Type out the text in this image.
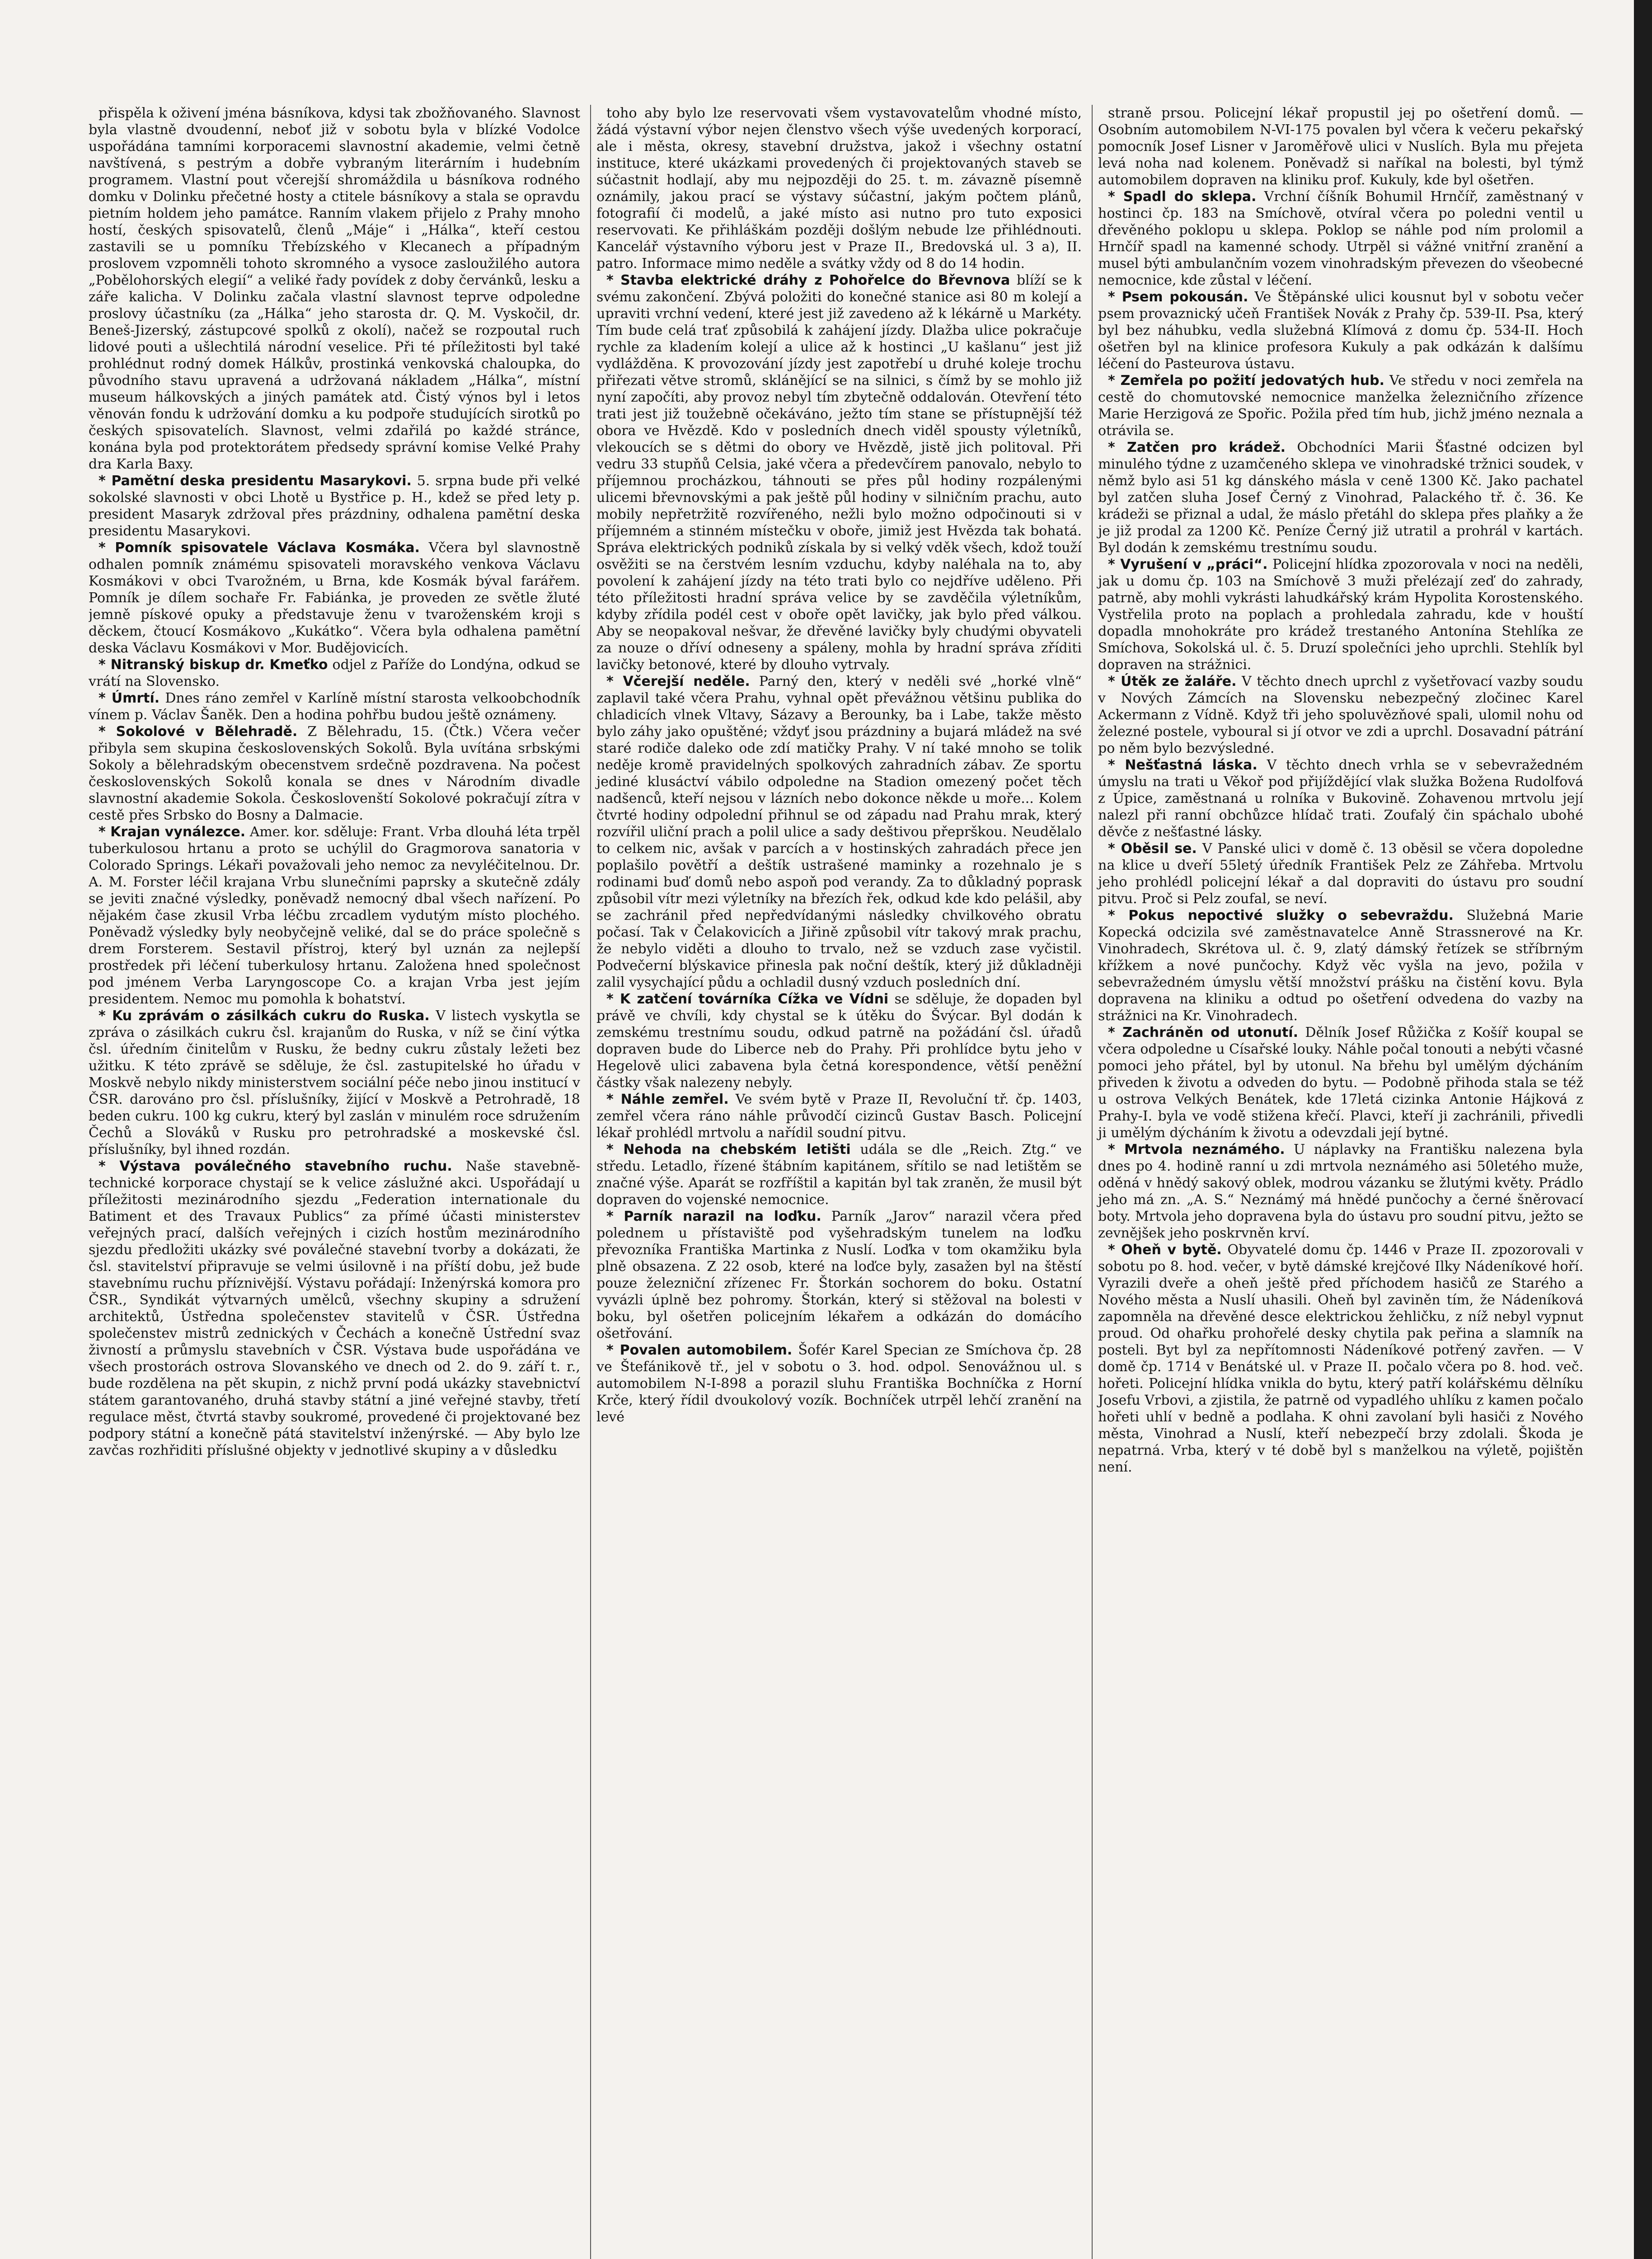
přispěla k oživení jména básníkova, kdysi tak zbožňovaného. Slavnost byla vlastně dvoudenní, neboť již v sobotu byla v blízké Vodolce uspořádána tamními korporacemi slavnostní akademie, velmi četně navštívená, s pestrým a dobře vybraným literárním i hudebním programem. Vlastní pout včerejší shromáždila u básníkova rodného domku v Dolinku přečetné hosty a ctitele básníkovy a stala se opravdu pietním holdem jeho památce. Ranním vlakem přijelo z Prahy mnoho hostí, českých spisovatelů, členů „Máje“ i „Hálka“, kteří cestou zastavili se u pomníku Třebízského v Klecanech a případným proslovem vzpomněli tohoto skromného a vysoce zasloužilého autora „Pobělohorských elegií“ a veliké řady povídek z doby červánků, lesku a záře kalicha. V Dolinku začala vlastní slavnost teprve odpoledne proslovy účastníku (za „Hálka“ jeho starosta dr. Q. M. Vyskočil, dr. Beneš-Jizerský, zástupcové spolků z okolí), načež se rozpoutal ruch lidové pouti a ušlechtilá národní veselice. Při té příležitosti byl také prohlédnut rodný domek Hálkův, prostinká venkovská chaloupka, do původního stavu upravená a udržovaná nákladem „Hálka“, místní museum hálkovských a jiných památek atd. Čistý výnos byl i letos věnován fondu k udržování domku a ku podpoře studujících sirotků po českých spisovatelích. Slavnost, velmi zdařilá po každé stránce, konána byla pod protektorátem předsedy správní komise Velké Prahy dra Karla Baxy.

* Pamětní deska presidentu Masarykovi. 5. srpna bude při velké sokolské slavnosti v obci Lhotě u Bystřice p. H., kdež se před lety p. president Masaryk zdržoval přes prázdniny, odhalena pamětní deska presidentu Masarykovi.

* Pomník spisovatele Václava Kosmáka. Včera byl slavnostně odhalen pomník známému spisovateli moravského venkova Václavu Kosmákovi v obci Tvarožném, u Brna, kde Kosmák býval farářem. Pomník je dílem sochaře Fr. Fabiánka, je proveden ze světle žluté jemně pískové opuky a představuje ženu v tvaroženském kroji s děckem, čtoucí Kosmákovo „Kukátko“. Včera byla odhalena pamětní deska Václavu Kosmákovi v Mor. Budějovicích.

* Nitranský biskup dr. Kmeťko odjel z Paříže do Londýna, odkud se vrátí na Slovensko.

* Úmrtí. Dnes ráno zemřel v Karlíně místní starosta velkoobchodník vínem p. Václav Šaněk. Den a hodina pohřbu budou ještě oznámeny.

* Sokolové v Bělehradě. Z Bělehradu, 15. (Čtk.) Včera večer přibyla sem skupina československých Sokolů. Byla uvítána srbskými Sokoly a bělehradským obecenstvem srdečně pozdravena. Na počest československých Sokolů konala se dnes v Národním divadle slavnostní akademie Sokola. Českoslovenští Sokolové pokračují zítra v cestě přes Srbsko do Bosny a Dalmacie.

* Krajan vynálezce. Amer. kor. sděluje: Frant. Vrba dlouhá léta trpěl tuberkulosou hrtanu a proto se uchýlil do Gragmorova sanatoria v Colorado Springs. Lékaři považovali jeho nemoc za nevyléčitelnou. Dr. A. M. Forster léčil krajana Vrbu slunečními paprsky a skutečně zdály se jeviti značné výsledky, poněvadž nemocný dbal všech nařízení. Po nějakém čase zkusil Vrba léčbu zrcadlem vydutým místo plochého. Poněvadž výsledky byly neobyčejně veliké, dal se do práce společně s drem Forsterem. Sestavil přístroj, který byl uznán za nejlepší prostředek při léčení tuberkulosy hrtanu. Založena hned společnost pod jménem Verba Laryngoscope Co. a krajan Vrba jest jejím presidentem. Nemoc mu pomohla k bohatství.

* Ku zprávám o zásilkách cukru do Ruska. V listech vyskytla se zpráva o zásilkách cukru čsl. krajanům do Ruska, v níž se činí výtka čsl. úředním činitelům v Rusku, že bedny cukru zůstaly ležeti bez užitku. K této zprávě se sděluje, že čsl. zastupitelské ho úřadu v Moskvě nebylo nikdy ministerstvem sociální péče nebo jinou institucí v ČSR. darováno pro čsl. příslušníky, žijící v Moskvě a Petrohradě, 18 beden cukru. 100 kg cukru, který byl zaslán v minulém roce sdružením Čechů a Slováků v Rusku pro petrohradské a moskevské čsl. příslušníky, byl ihned rozdán.

* Výstava poválečného stavebního ruchu. Naše stavebně-technické korporace chystají se k velice záslužné akci. Uspořádají u příležitosti mezinárodního sjezdu „Federation internationale du Batiment et des Travaux Publics“ za přímé účasti ministerstev veřejných prací, dalších veřejných i cizích hostům mezinárodního sjezdu předložiti ukázky své poválečné stavební tvorby a dokázati, že čsl. stavitelství připravuje se velmi úsilovně i na příští dobu, jež bude stavebnímu ruchu příznivější. Výstavu pořádají: Inženýrská komora pro ČSR., Syndikát výtvarných umělců, všechny skupiny a sdružení architektů, Ústředna společenstev stavitelů v ČSR. Ústředna společenstev mistrů zednických v Čechách a konečně Ústřední svaz živností a průmyslu stavebních v ČSR. Výstava bude uspořádána ve všech prostorách ostrova Slovanského ve dnech od 2. do 9. září t. r., bude rozdělena na pět skupin, z nichž první podá ukázky stavebnictví státem garantovaného, druhá stavby státní a jiné veřejné stavby, třetí regulace měst, čtvrtá stavby soukromé, provedené či projektované bez podpory státní a konečně pátá stavitelství inženýrské. — Aby bylo lze zavčas rozhřiditi příslušné objekty v jednotlivé skupiny a v důsledku

toho aby bylo lze reservovati všem vystavovatelům vhodné místo, žádá výstavní výbor nejen členstvo všech výše uvedených korporací, ale i města, okresy, stavební družstva, jakož i všechny ostatní instituce, které ukázkami provedených či projektovaných staveb se súčastnit hodlají, aby mu nejpozději do 25. t. m. závazně písemně oznámily, jakou prací se výstavy súčastní, jakým počtem plánů, fotografií či modelů, a jaké místo asi nutno pro tuto exposici reservovati. Ke přihláškám později došlým nebude lze přihlédnouti. Kancelář výstavního výboru jest v Praze II., Bredovská ul. 3 a), II. patro. Informace mimo neděle a svátky vždy od 8 do 14 hodin.

* Stavba elektrické dráhy z Pohořelce do Břevnova blíží se k svému zakončení. Zbývá položiti do konečné stanice asi 80 m kolejí a upraviti vrchní vedení, které jest již zavedeno až k lékárně u Markéty. Tím bude celá trať způsobilá k zahájení jízdy. Dlažba ulice pokračuje rychle za kladením kolejí a ulice až k hostinci „U kašlanu“ jest již vydlážděna. K provozování jízdy jest zapotřebí u druhé koleje trochu přiřezati větve stromů, sklánějící se na silnici, s čímž by se mohlo již nyní započíti, aby provoz nebyl tím zbytečně oddalován. Otevření této trati jest již toužebně očekáváno, ježto tím stane se přístupnější též obora ve Hvězdě. Kdo v posledních dnech viděl spousty výletníků, vlekoucích se s dětmi do obory ve Hvězdě, jistě jich politoval. Při vedru 33 stupňů Celsia, jaké včera a předevčírem panovalo, nebylo to příjemnou procházkou, táhnouti se přes půl hodiny rozpálenými ulicemi břevnovskými a pak ještě půl hodiny v silničním prachu, auto mobily nepřetržitě rozvířeného, nežli bylo možno odpočinouti si v příjemném a stinném místečku v oboře, jimiž jest Hvězda tak bohatá. Správa elektrických podniků získala by si velký vděk všech, kdož touží osvěžiti se na čerstvém lesním vzduchu, kdyby naléhala na to, aby povolení k zahájení jízdy na této trati bylo co nejdříve uděleno. Při této příležitosti hradní správa velice by se zavděčila výletníkům, kdyby zřídila podél cest v oboře opět lavičky, jak bylo před válkou. Aby se neopakoval nešvar, že dřevěné lavičky byly chudými obyvateli za nouze o dříví odneseny a spáleny, mohla by hradní správa zříditi lavičky betonové, které by dlouho vytrvaly.

* Včerejší neděle. Parný den, který v neděli své „horké vlně“ zaplavil také včera Prahu, vyhnal opět převážnou většinu publika do chladicích vlnek Vltavy, Sázavy a Berounky, ba i Labe, takže město bylo záhy jako opuštěné; vždyť jsou prázdniny a bujará mládež na své staré rodiče daleko ode zdí matičky Prahy. V ní také mnoho se tolik neděje kromě pravidelných spolkových zahradních zábav. Ze sportu jediné klusáctví vábilo odpoledne na Stadion omezený počet těch nadšenců, kteří nejsou v lázních nebo dokonce někde u moře... Kolem čtvrté hodiny odpolední přihnul se od západu nad Prahu mrak, který rozvířil uliční prach a polil ulice a sady deštivou přeprškou. Neudělalo to celkem nic, avšak v parcích a v hostinských zahradách přece jen poplašilo povětří a deštík ustrašené maminky a rozehnalo je s rodinami buď domů nebo aspoň pod verandy. Za to důkladný poprask způsobil vítr mezi výletníky na březích řek, odkud kde kdo pelášil, aby se zachránil před nepředvídanými následky chvilkového obratu počasí. Tak v Čelakovicích a Jiřině způsobil vítr takový mrak prachu, že nebylo viděti a dlouho to trvalo, než se vzduch zase vyčistil. Podvečerní blýskavice přinesla pak noční deštík, který již důkladněji zalil vysychající půdu a ochladil dusný vzduch posledních dní.

* K zatčení továrníka Cížka ve Vídni se sděluje, že dopaden byl právě ve chvíli, kdy chystal se k útěku do Švýcar. Byl dodán k zemskému trestnímu soudu, odkud patrně na požádání čsl. úřadů dopraven bude do Liberce neb do Prahy. Při prohlídce bytu jeho v Hegelově ulici zabavena byla četná korespondence, větší peněžní částky však nalezeny nebyly.

* Náhle zemřel. Ve svém bytě v Praze II, Revoluční tř. čp. 1403, zemřel včera ráno náhle průvodčí cizinců Gustav Basch. Policejní lékař prohlédl mrtvolu a nařídil soudní pitvu.

* Nehoda na chebském letišti udála se dle „Reich. Ztg.“ ve středu. Letadlo, řízené štábním kapitánem, sřítilo se nad letištěm se značné výše. Aparát se rozfříštil a kapitán byl tak zraněn, že musil být dopraven do vojenské nemocnice.

* Parník narazil na loďku. Parník „Jarov“ narazil včera před polednem u přístaviště pod vyšehradským tunelem na loďku převozníka Františka Martinka z Nuslí. Loďka v tom okamžiku byla plně obsazena. Z 22 osob, které na loďce byly, zasažen byl na štěstí pouze železniční zřízenec Fr. Štorkán sochorem do boku. Ostatní vyvázli úplně bez pohromy. Štorkán, který si stěžoval na bolesti v boku, byl ošetřen policejním lékařem a odkázán do domácího ošetřování.

* Povalen automobilem. Šofér Karel Specian ze Smíchova čp. 28 ve Štefánikově tř., jel v sobotu o 3. hod. odpol. Senovážnou ul. s automobilem N-I-898 a porazil sluhu Františka Bochníčka z Horní Krče, který řídil dvoukolový vozík. Bochníček utrpěl lehčí zranění na levé

straně prsou. Policejní lékař propustil jej po ošetření domů. — Osobním automobilem N-VI-175 povalen byl včera k večeru pekařský pomocník Josef Lisner v Jaroměřově ulici v Nuslích. Byla mu přejeta levá noha nad kolenem. Poněvadž si naříkal na bolesti, byl týmž automobilem dopraven na kliniku prof. Kukuly, kde byl ošetřen.

* Spadl do sklepa. Vrchní číšník Bohumil Hrnčíř, zaměstnaný v hostinci čp. 183 na Smíchově, otvíral včera po poledni ventil u dřevěného poklopu u sklepa. Poklop se náhle pod ním prolomil a Hrnčíř spadl na kamenné schody. Utrpěl si vážné vnitřní zranění a musel býti ambulančním vozem vinohradským převezen do všeobecné nemocnice, kde zůstal v léčení.

* Psem pokousán. Ve Štěpánské ulici kousnut byl v sobotu večer psem provaznický učeň František Novák z Prahy čp. 539-II. Psa, který byl bez náhubku, vedla služebná Klímová z domu čp. 534-II. Hoch ošetřen byl na klinice profesora Kukuly a pak odkázán k dalšímu léčení do Pasteurova ústavu.

* Zemřela po požití jedovatých hub. Ve středu v noci zemřela na cestě do chomutovské nemocnice manželka železničního zřízence Marie Herzigová ze Spořic. Požila před tím hub, jichž jméno neznala a otrávila se.

* Zatčen pro krádež. Obchodníci Marii Šťastné odcizen byl minulého týdne z uzamčeného sklepa ve vinohradské tržnici soudek, v němž bylo asi 51 kg dánského másla v ceně 1300 Kč. Jako pachatel byl zatčen sluha Josef Černý z Vinohrad, Palackého tř. č. 36. Ke krádeži se přiznal a udal, že máslo přetáhl do sklepa přes plaňky a že je již prodal za 1200 Kč. Peníze Černý již utratil a prohrál v kartách. Byl dodán k zemskému trestnímu soudu.

* Vyrušení v „práci“. Policejní hlídka zpozorovala v noci na neděli, jak u domu čp. 103 na Smíchově 3 muži přelézají zeď do zahrady, patrně, aby mohli vykrásti lahudkářský krám Hypolita Korostenského. Vystřelila proto na poplach a prohledala zahradu, kde v houští dopadla mnohokráte pro krádež trestaného Antonína Stehlíka ze Smíchova, Sokolská ul. č. 5. Druzí společníci jeho uprchli. Stehlík byl dopraven na strážnici.

* Útěk ze žaláře. V těchto dnech uprchl z vyšetřovací vazby soudu v Nových Zámcích na Slovensku nebezpečný zločinec Karel Ackermann z Vídně. Když tři jeho spoluvězňové spali, ulomil nohu od železné postele, vyboural si jí otvor ve zdi a uprchl. Dosavadní pátrání po něm bylo bezvýsledné.

* Nešťastná láska. V těchto dnech vrhla se v sebevražedném úmyslu na trati u Věkoř pod přijíždějící vlak služka Božena Rudolfová z Úpice, zaměstnaná u rolníka v Bukovině. Zohavenou mrtvolu její nalezl při ranní obchůzce hlídač trati. Zoufalý čin spáchalo ubohé děvče z nešťastné lásky.

* Oběsil se. V Panské ulici v domě č. 13 oběsil se včera dopoledne na klice u dveří 55letý úředník František Pelz ze Záhřeba. Mrtvolu jeho prohlédl policejní lékař a dal dopraviti do ústavu pro soudní pitvu. Proč si Pelz zoufal, se neví.

* Pokus nepoctivé služky o sebevraždu. Služebná Marie Kopecká odcizila své zaměstnavatelce Anně Strassnerové na Kr. Vinohradech, Skrétova ul. č. 9, zlatý dámský řetízek se stříbrným křížkem a nové punčochy. Když věc vyšla na jevo, požila v sebevražedném úmyslu větší množství prášku na čistění kovu. Byla dopravena na kliniku a odtud po ošetření odvedena do vazby na strážnici na Kr. Vinohradech.

* Zachráněn od utonutí. Dělník Josef Růžička z Košíř koupal se včera odpoledne u Císařské louky. Náhle počal tonouti a nebýti včasné pomoci jeho přátel, byl by utonul. Na břehu byl umělým dýcháním přiveden k životu a odveden do bytu. — Podobně přihoda stala se též u ostrova Velkých Benátek, kde 17letá cizinka Antonie Hájková z Prahy-I. byla ve vodě stižena křečí. Plavci, kteří ji zachránili, přivedli ji umělým dýcháním k životu a odevzdali její bytné.

* Mrtvola neznámého. U náplavky na Františku nalezena byla dnes po 4. hodině ranní u zdi mrtvola neznámého asi 50letého muže, oděná v hnědý sakový oblek, modrou vázanku se žlutými květy. Prádlo jeho má zn. „A. S.“ Neznámý má hnědé punčochy a černé šněrovací boty. Mrtvola jeho dopravena byla do ústavu pro soudní pitvu, ježto se zevnějšek jeho poskrvněn krví.

* Oheň v bytě. Obyvatelé domu čp. 1446 v Praze II. zpozorovali v sobotu po 8. hod. večer, v bytě dámské krejčové Ilky Nádeníkové hoří. Vyrazili dveře a oheň ještě před příchodem hasičů ze Starého a Nového města a Nuslí uhasili. Oheň byl zaviněn tím, že Nádeníková zapomněla na dřevěné desce elektrickou žehličku, z níž nebyl vypnut proud. Od ohařku prohořelé desky chytila pak peřina a slamník na posteli. Byt byl za nepřítomnosti Nádeníkové potřený zavřen. — V domě čp. 1714 v Benátské ul. v Praze II. počalo včera po 8. hod. več. hořeti. Policejní hlídka vnikla do bytu, který patří kolářskému dělníku Josefu Vrbovi, a zjistila, že patrně od vypadlého uhlíku z kamen počalo hořeti uhlí v bedně a podlaha. K ohni zavolaní byli hasiči z Nového města, Vinohrad a Nuslí, kteří nebezpečí brzy zdolali. Škoda je nepatrná. Vrba, který v té době byl s manželkou na výletě, pojištěn není.
